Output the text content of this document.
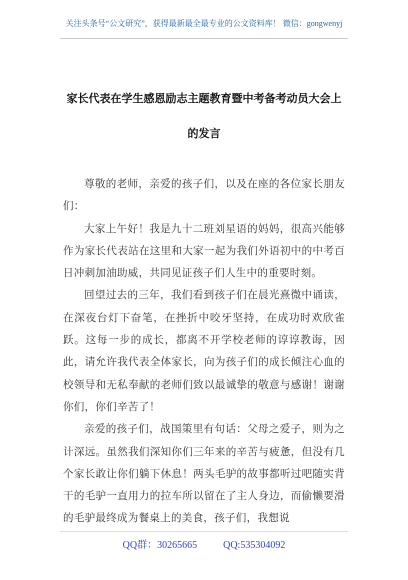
关注头条号“公文研究”，获得最新最全最专业的公文资料库！ 微信：gongwenyj
家长代表在学生感恩励志主题教育暨中考备考动员大会上
的发言

尊敬的老师，亲爱的孩子们，以及在座的各位家长朋友们：

大家上午好！我是九十二班刘星语的妈妈，很高兴能够作为家长代表站在这里和大家一起为我们外语初中的中考百日冲刺加油助威，共同见证孩子们人生中的重要时刻。

回望过去的三年，我们看到孩子们在晨光熹微中诵读，在深夜台灯下奋笔，在挫折中咬牙坚持，在成功时欢欣雀跃。这每一步的成长，都离不开学校老师的谆谆教诲，因此，请允许我代表全体家长，向为孩子们的成长倾注心血的校领导和无私奉献的老师们致以最诚挚的敬意与感谢！谢谢你们，你们辛苦了！

亲爱的孩子们，战国策里有句话：父母之爱子，则为之计深远。虽然我们深知你们三年来的辛苦与疲惫，但没有几个家长敢让你们躺下休息！两头毛驴的故事都听过吧随实背干的毛驴一直用力的拉车所以留在了主人身边，而偷懒要滑的毛驴最终成为餐桌上的美食，孩子们，我想说

QQ群：30265665	QQ:535304092
